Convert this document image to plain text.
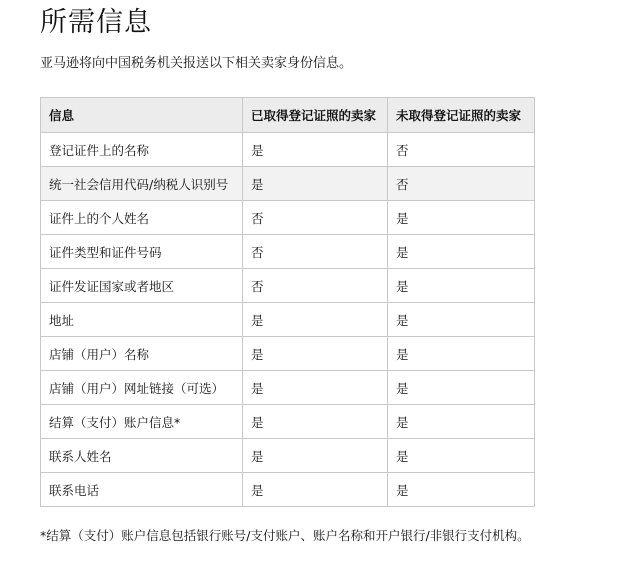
所需信息

亚马逊将向中国税务机关报送以下相关卖家身份信息。

信息	已取得登记证照的卖家	未取得登记证照的卖家
登记证件上的名称	是	否
统一社会信用代码/纳税人识别号	是	否
证件上的个人姓名	否	是
证件类型和证件号码	否	是
证件发证国家或者地区	否	是
地址	是	是
店铺（用户）名称	是	是
店铺（用户）网址链接（可选）	是	是
结算（支付）账户信息*	是	是
联系人姓名	是	是
联系电话	是	是

*结算（支付）账户信息包括银行账号/支付账户、账户名称和开户银行/非银行支付机构。
